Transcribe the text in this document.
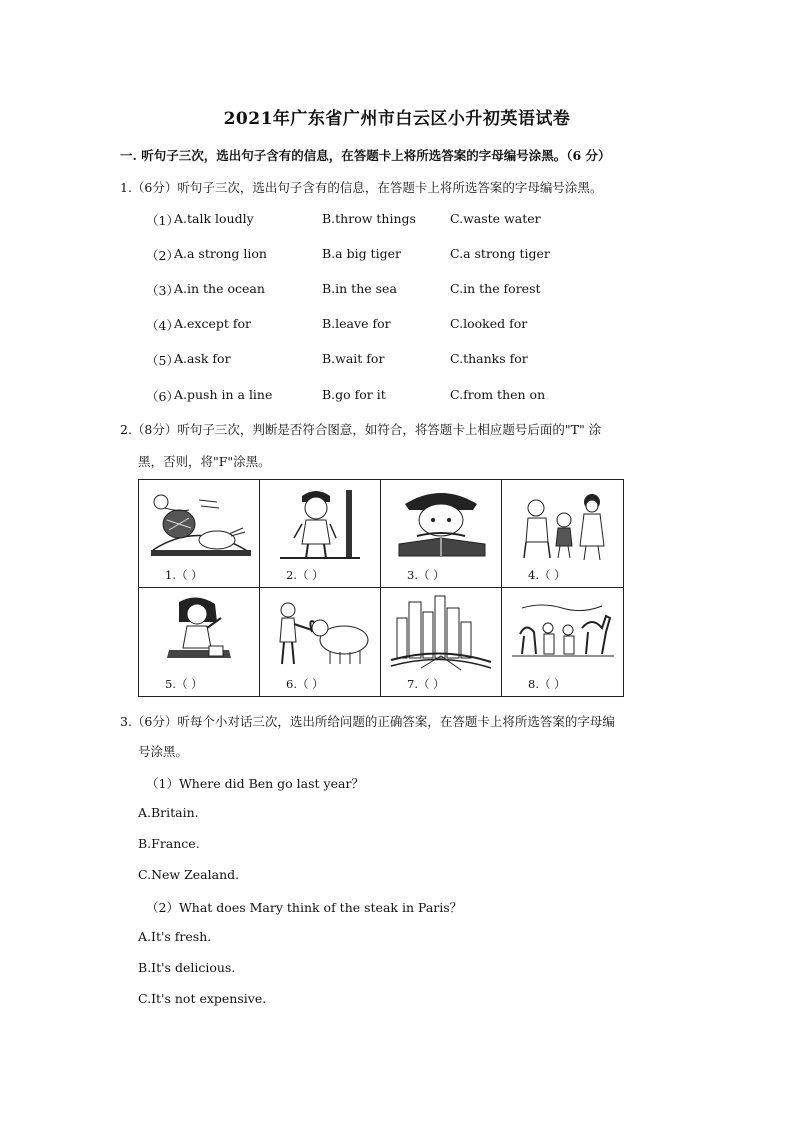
2021年广东省广州市白云区小升初英语试卷
一. 听句子三次，选出句子含有的信息，在答题卡上将所选答案的字母编号涂黑。（6 分）
1.（6分）听句子三次，选出句子含有的信息，在答题卡上将所选答案的字母编号涂黑。
（1）
A.talk loudly	B.throw things	C.waste water
（2）
A.a strong lion	B.a big tiger	C.a strong tiger
（3）
A.in the ocean	B.in the sea	C.in the forest
（4）
A.except for	B.leave for	C.looked for
（5）
A.ask for	B.wait for	C.thanks for
（6）
A.push in a line	B.go for it	C.from then on
2.（8分）听句子三次，判断是否符合图意，如符合，将答题卡上相应题号后面的"T" 涂
黑，否则，将"F"涂黑。
1.（ ）	2.（ ）	3.（ ）	4.（ ）
5.（ ）	6.（ ）	7.（ ）	8.（ ）
3.（6分）听每个小对话三次，选出所给问题的正确答案，在答题卡上将所选答案的字母编
号涂黑。
（1）Where did Ben go last year？
A.Britain.
B.France.
C.New Zealand.
（2）What does Mary think of the steak in Paris？
A.It's fresh.
B.It's delicious.
C.It's not expensive.
